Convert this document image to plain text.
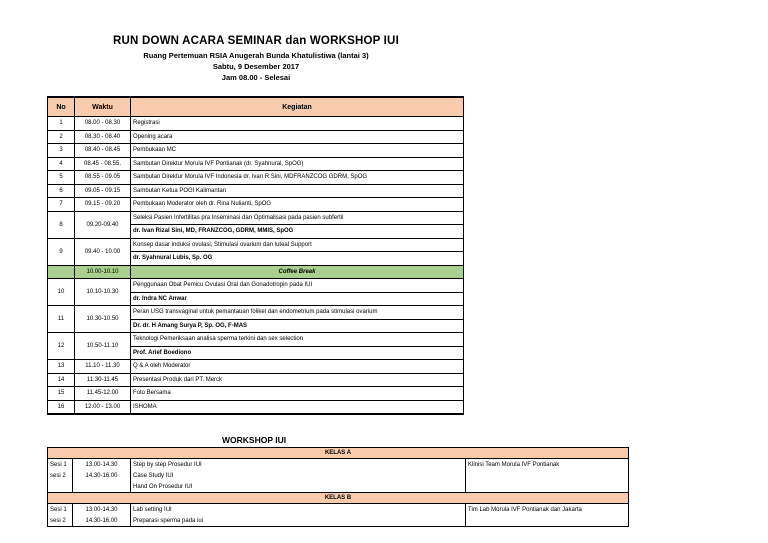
RUN DOWN ACARA SEMINAR dan WORKSHOP IUI
Ruang Pertemuan RSIA Anugerah Bunda Khatulistiwa (lantai 3)
Sabtu, 9 Desember 2017
Jam 08.00 - Selesai
No	Waktu	Kegiatan
1	08.00 - 08.30	Registrasi
2	08.30 - 08.40	Opening acara
3	08.40 - 08.45	Pembukaan MC
4	08.45 - 08.55.	Sambutan Direktur Morula IVF Pontianak (dr. Syahnural, SpOG)
5	08.55 - 09.05	Sambutan Direktur Morula IVF Indonesia dr. Ivan R Sini, MDFRANZCOG GDRM, SpOG
6	09.05 - 09.15	Sambutan Ketua POGI Kalimantan
7	09.15 - 09.20	Pembukaan Moderator oleh dr. Rina Nulianti, SpOG
8	09.20-09.40	Seleksi Pasien Infertilitas pra Inseminasi dan Optimalisasi pada pasien subfertil
		dr. Ivan Rizal Sini, MD, FRANZCOG, GDRM, MMIS, SpOG
9	09.40 - 10.00	Konsep dasar induksi ovulasi, Stimulasi ovarium dan luteal Support
		dr. Syahnural Lubis, Sp. OG
	10.00-10.10	Coffee Break
10	10.10-10.30	Penggunaan Obat Pemicu Ovulasi Oral dan Gonadotropin pada IUI
		dr. Indra NC Anwar
11	10.30-10.50	Peran USG transvaginal untuk pemantauan folikel dan endometrium pada stimulasi ovarium
		Dr. dr. H Amang Surya P, Sp. OG, F-MAS
12	10.50-11.10	Teknologi Pemeriksaan analisa sperma terkini dan sex selection
		Prof. Arief Boediono
13	11.10 - 11.30	Q & A oleh Moderator
14	11.30-11.45	Presentasi Produk dari PT. Merck
15	11.45-12.00	Foto Bersama
16	12.00 - 13.00	ISHOMA
WORKSHOP IUI
KELAS A			
Sesi 1	13.00-14.30	Step by step Prosedur IUI	Klinisi Team Morula IVF Pontianak
sesi 2	14.30-16.00	Case Study IUI	
		Hand On Prosedur IUI	
KELAS B			
Sesi 1	13.00-14.30	Lab setting IUI	Tim Lab Morula IVF Pontianak dan Jakarta
sesi 2	14.30-16.00	Preparasi sperma pada iui	
